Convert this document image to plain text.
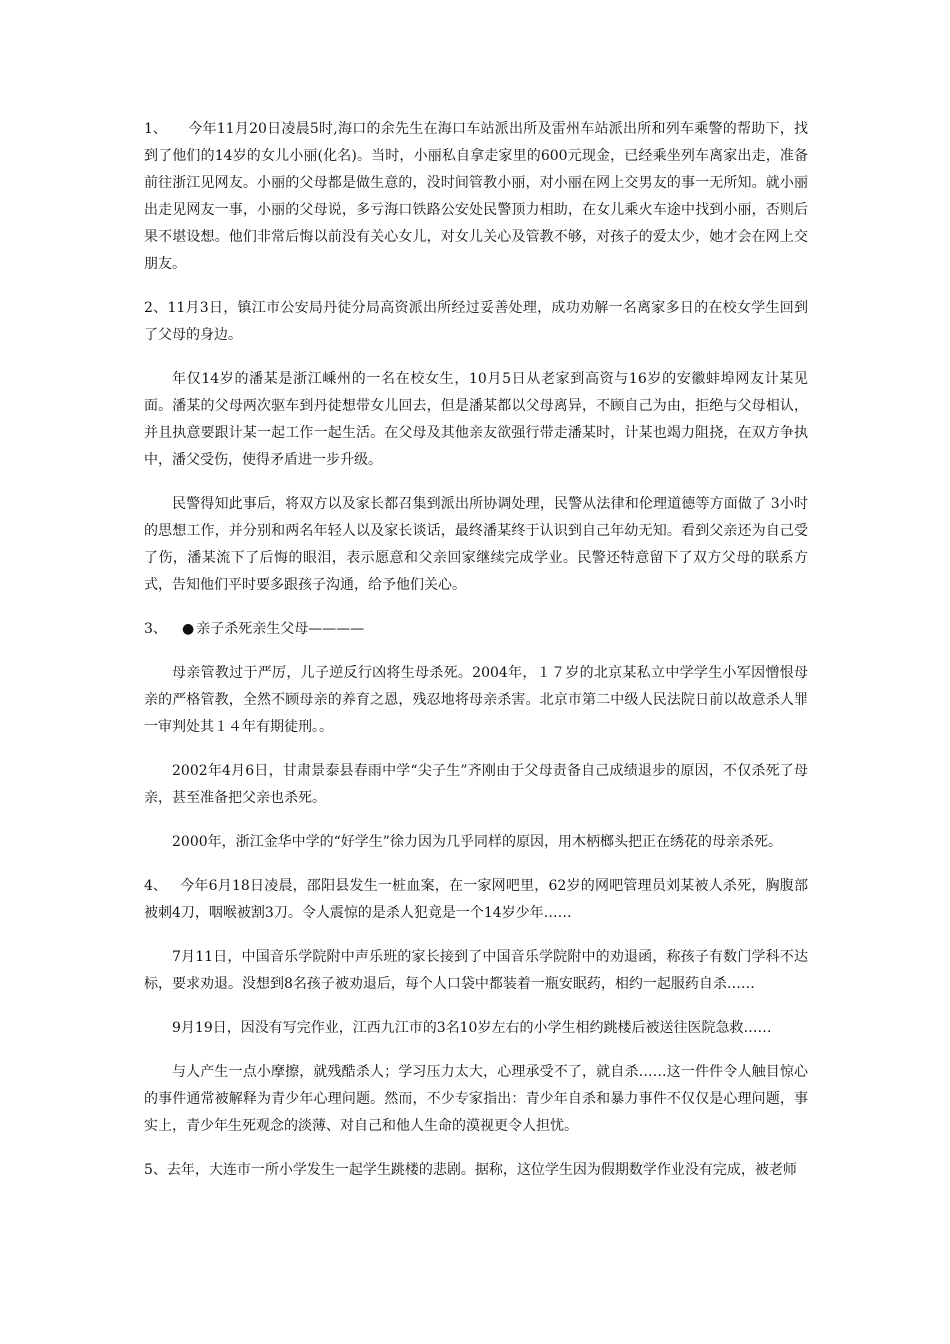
1、 今年11月20日凌晨5时,海口的余先生在海口车站派出所及雷州车站派出所和列车乘警的帮助下，找到了他们的14岁的女儿小丽(化名)。当时，小丽私自拿走家里的600元现金，已经乘坐列车离家出走，准备前往浙江见网友。小丽的父母都是做生意的，没时间管教小丽，对小丽在网上交男友的事一无所知。就小丽出走见网友一事，小丽的父母说，多亏海口铁路公安处民警顶力相助，在女儿乘火车途中找到小丽，否则后果不堪设想。他们非常后悔以前没有关心女儿，对女儿关心及管教不够，对孩子的爱太少，她才会在网上交朋友。

2、11月3日，镇江市公安局丹徒分局高资派出所经过妥善处理，成功劝解一名离家多日的在校女学生回到了父母的身边。

年仅14岁的潘某是浙江嵊州的一名在校女生，10月5日从老家到高资与16岁的安徽蚌埠网友计某见面。潘某的父母两次驱车到丹徒想带女儿回去，但是潘某都以父母离异，不顾自己为由，拒绝与父母相认，并且执意要跟计某一起工作一起生活。在父母及其他亲友欲强行带走潘某时，计某也竭力阻挠，在双方争执中，潘父受伤，使得矛盾进一步升级。

民警得知此事后，将双方以及家长都召集到派出所协调处理，民警从法律和伦理道德等方面做了 3小时的思想工作，并分别和两名年轻人以及家长谈话，最终潘某终于认识到自己年幼无知。看到父亲还为自己受了伤，潘某流下了后悔的眼泪，表示愿意和父亲回家继续完成学业。民警还特意留下了双方父母的联系方式，告知他们平时要多跟孩子沟通，给予他们关心。

3、 ● 亲子杀死亲生父母————

母亲管教过于严厉，儿子逆反行凶将生母杀死。2004年，１７岁的北京某私立中学学生小军因憎恨母亲的严格管教，全然不顾母亲的养育之恩，残忍地将母亲杀害。北京市第二中级人民法院日前以故意杀人罪一审判处其１４年有期徒刑。。

2002年4月6日，甘肃景泰县春雨中学“尖子生”齐刚由于父母责备自己成绩退步的原因，不仅杀死了母亲，甚至准备把父亲也杀死。

2000年，浙江金华中学的“好学生”徐力因为几乎同样的原因，用木柄榔头把正在绣花的母亲杀死。

4、 今年6月18日凌晨，邵阳县发生一桩血案，在一家网吧里，62岁的网吧管理员刘某被人杀死，胸腹部被刺4刀，咽喉被割3刀。令人震惊的是杀人犯竟是一个14岁少年……

7月11日，中国音乐学院附中声乐班的家长接到了中国音乐学院附中的劝退函，称孩子有数门学科不达标，要求劝退。没想到8名孩子被劝退后，每个人口袋中都装着一瓶安眠药，相约一起服药自杀……

9月19日，因没有写完作业，江西九江市的3名10岁左右的小学生相约跳楼后被送往医院急救……

与人产生一点小摩擦，就残酷杀人；学习压力太大，心理承受不了，就自杀……这一件件令人触目惊心的事件通常被解释为青少年心理问题。然而，不少专家指出：青少年自杀和暴力事件不仅仅是心理问题，事实上，青少年生死观念的淡薄、对自己和他人生命的漠视更令人担忧。

5、去年，大连市一所小学发生一起学生跳楼的悲剧。据称，这位学生因为假期数学作业没有完成，被老师
